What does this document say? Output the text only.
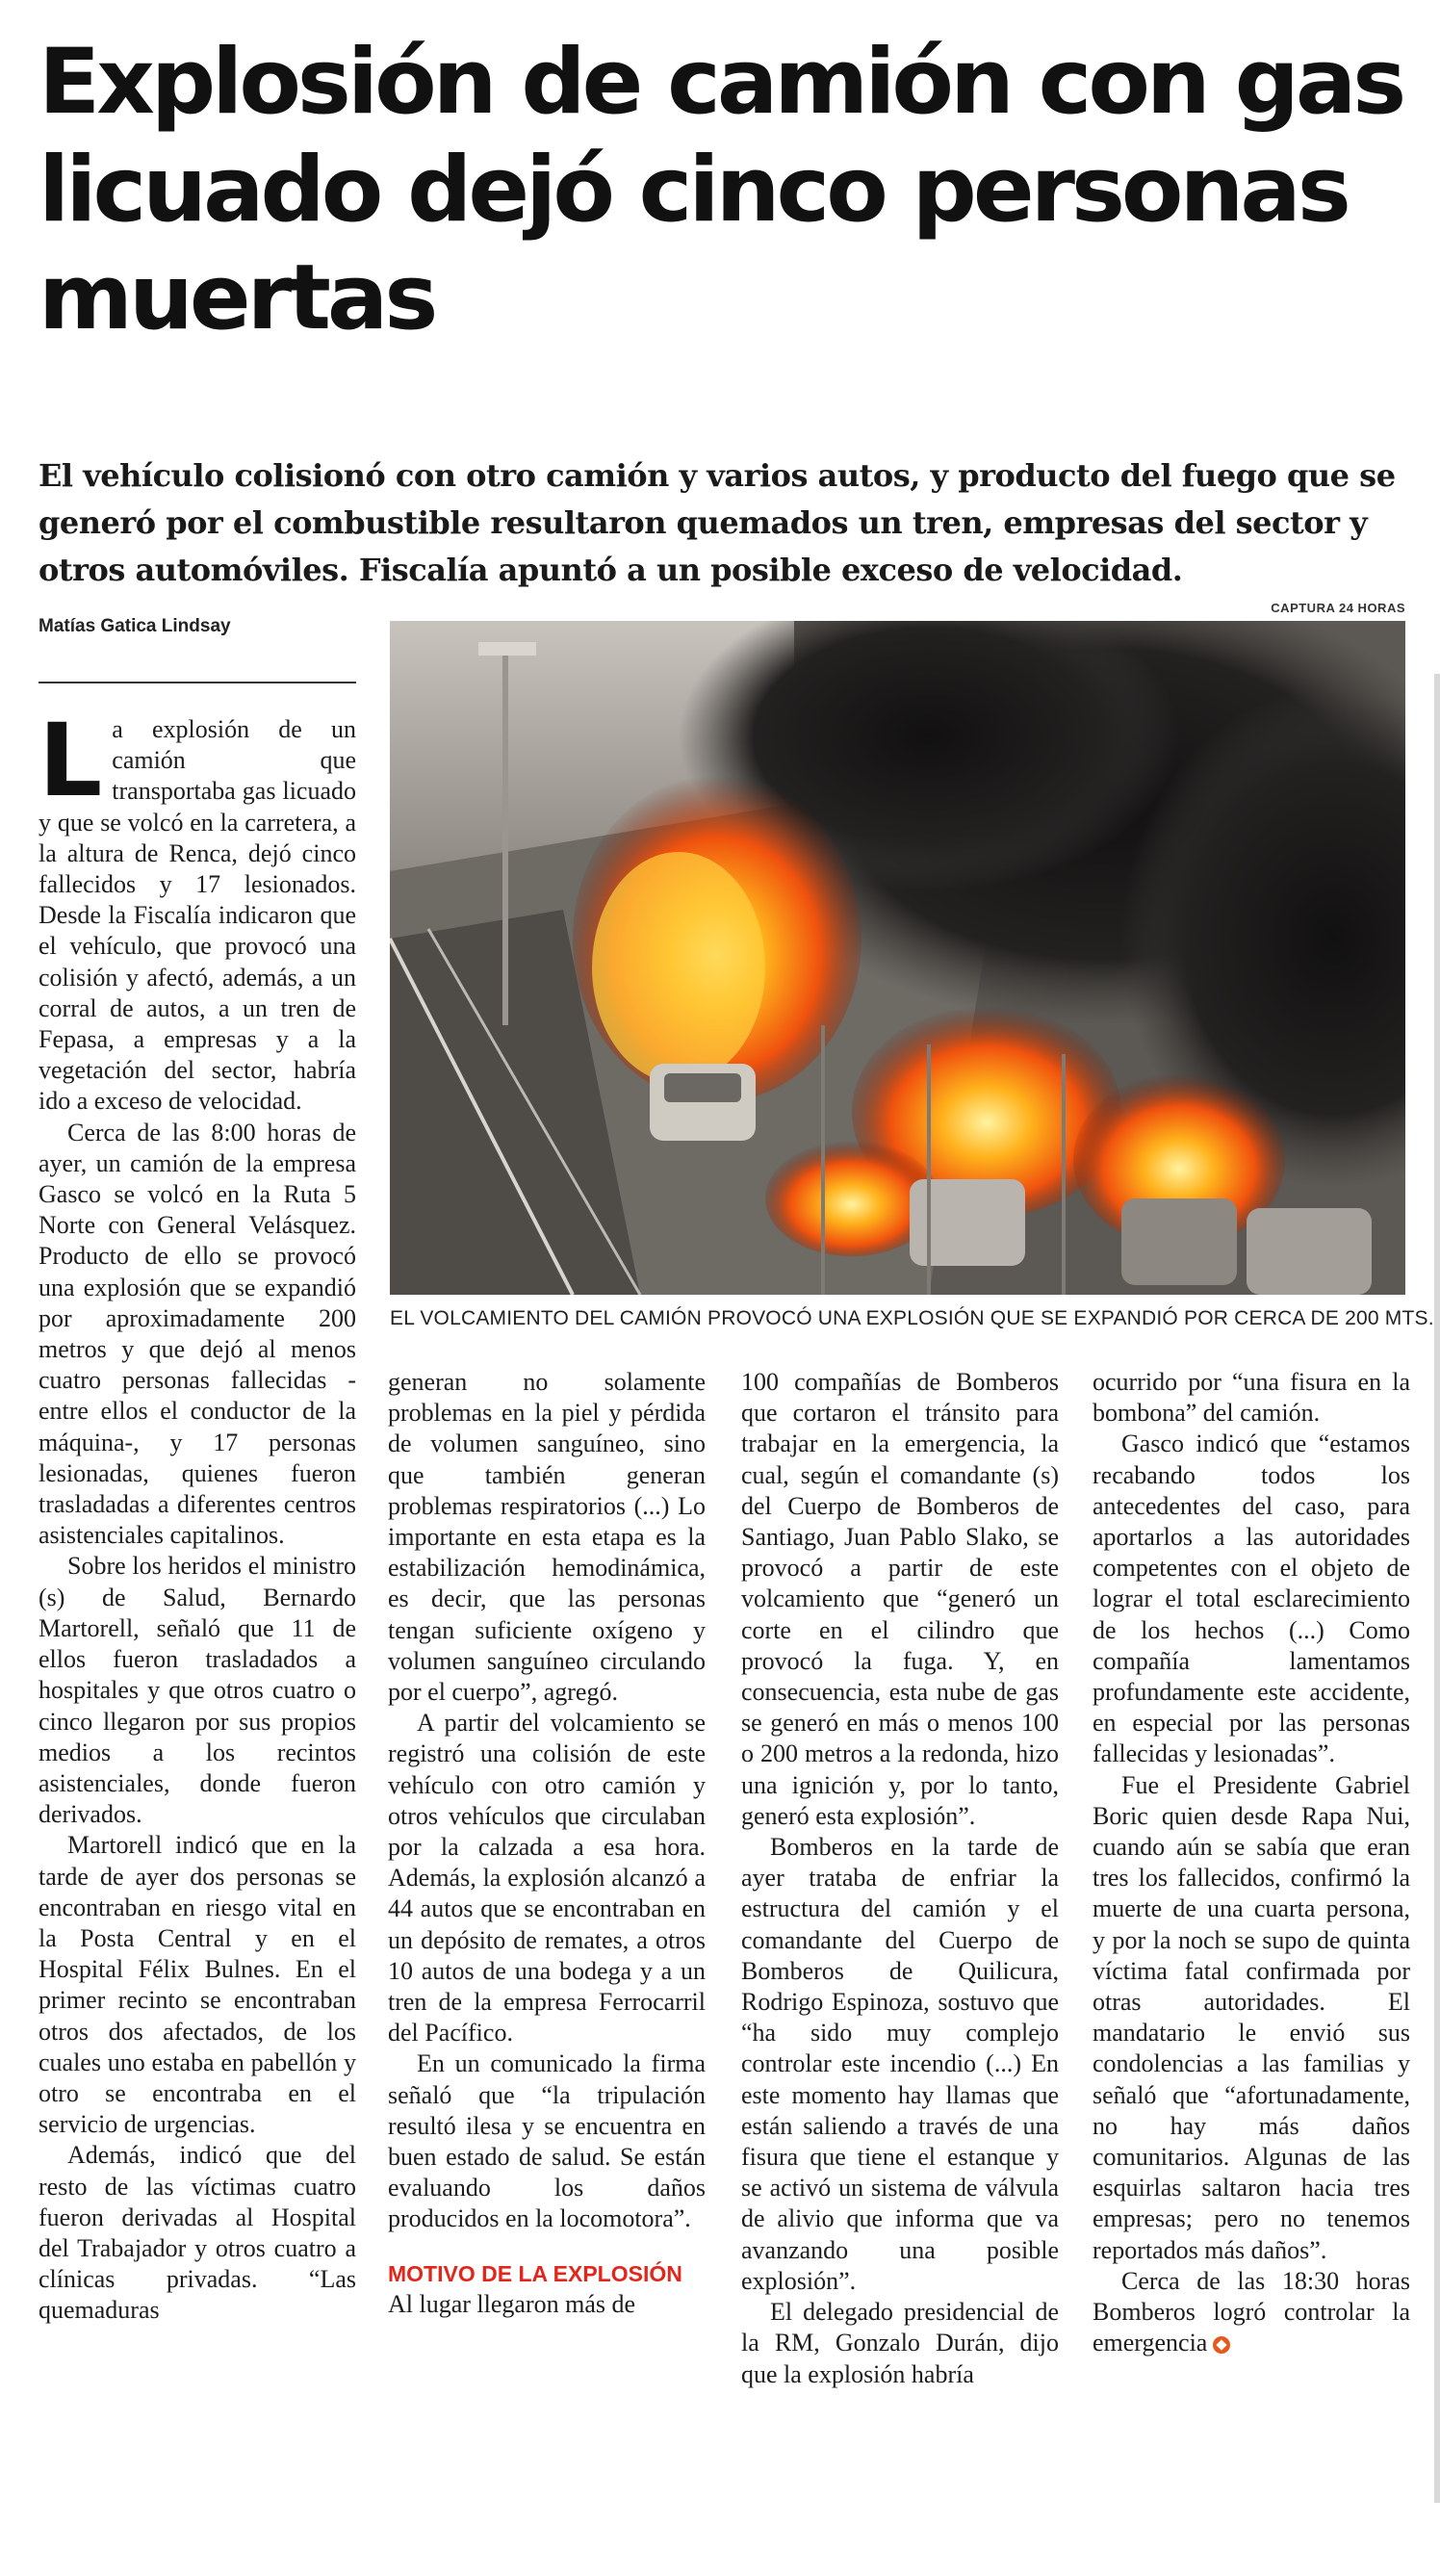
Explosión de camión con gas licuado dejó cinco personas muertas

El vehículo colisionó con otro camión y varios autos, y producto del fuego que se generó por el combustible resultaron quemados un tren, empresas del sector y otros automóviles. Fiscalía apuntó a un posible exceso de velocidad.

Matías Gatica Lindsay
CAPTURA 24 HORAS
EL VOLCAMIENTO DEL CAMIÓN PROVOCÓ UNA EXPLOSIÓN QUE SE EXPANDIÓ POR CERCA DE 200 MTS.

La explosión de un camión que transportaba gas licuado y que se volcó en la carretera, a la altura de Renca, dejó cinco fallecidos y 17 lesionados. Desde la Fiscalía indicaron que el vehículo, que provocó una colisión y afectó, además, a un corral de autos, a un tren de Fepasa, a empresas y a la vegetación del sector, habría ido a exceso de velocidad.

Cerca de las 8:00 horas de ayer, un camión de la empresa Gasco se volcó en la Ruta 5 Norte con General Velásquez. Producto de ello se provocó una explosión que se expandió por aproximadamente 200 metros y que dejó al menos cuatro personas fallecidas -entre ellos el conductor de la máquina-, y 17 personas lesionadas, quienes fueron trasladadas a diferentes centros asistenciales capitalinos.

Sobre los heridos el ministro (s) de Salud, Bernardo Martorell, señaló que 11 de ellos fueron trasladados a hospitales y que otros cuatro o cinco llegaron por sus propios medios a los recintos asistenciales, donde fueron derivados.

Martorell indicó que en la tarde de ayer dos personas se encontraban en riesgo vital en la Posta Central y en el Hospital Félix Bulnes. En el primer recinto se encontraban otros dos afectados, de los cuales uno estaba en pabellón y otro se encontraba en el servicio de urgencias.

Además, indicó que del resto de las víctimas cuatro fueron derivadas al Hospital del Trabajador y otros cuatro a clínicas privadas. “Las quemaduras

generan no solamente problemas en la piel y pérdida de volumen sanguíneo, sino que también generan problemas respiratorios (...) Lo importante en esta etapa es la estabilización hemodinámica, es decir, que las personas tengan suficiente oxígeno y volumen sanguíneo circulando por el cuerpo”, agregó.

A partir del volcamiento se registró una colisión de este vehículo con otro camión y otros vehículos que circulaban por la calzada a esa hora. Además, la explosión alcanzó a 44 autos que se encontraban en un depósito de remates, a otros 10 autos de una bodega y a un tren de la empresa Ferrocarril del Pacífico.

En un comunicado la firma señaló que “la tripulación resultó ilesa y se encuentra en buen estado de salud. Se están evaluando los daños producidos en la locomotora”.

MOTIVO DE LA EXPLOSIÓN

Al lugar llegaron más de

100 compañías de Bomberos que cortaron el tránsito para trabajar en la emergencia, la cual, según el comandante (s) del Cuerpo de Bomberos de Santiago, Juan Pablo Slako, se provocó a partir de este volcamiento que “generó un corte en el cilindro que provocó la fuga. Y, en consecuencia, esta nube de gas se generó en más o menos 100 o 200 metros a la redonda, hizo una ignición y, por lo tanto, generó esta explosión”.

Bomberos en la tarde de ayer trataba de enfriar la estructura del camión y el comandante del Cuerpo de Bomberos de Quilicura, Rodrigo Espinoza, sostuvo que “ha sido muy complejo controlar este incendio (...) En este momento hay llamas que están saliendo a través de una fisura que tiene el estanque y se activó un sistema de válvula de alivio que informa que va avanzando una posible explosión”.

El delegado presidencial de la RM, Gonzalo Durán, dijo que la explosión habría

ocurrido por “una fisura en la bombona” del camión.

Gasco indicó que “estamos recabando todos los antecedentes del caso, para aportarlos a las autoridades competentes con el objeto de lograr el total esclarecimiento de los hechos (...) Como compañía lamentamos profundamente este accidente, en especial por las personas fallecidas y lesionadas”.

Fue el Presidente Gabriel Boric quien desde Rapa Nui, cuando aún se sabía que eran tres los fallecidos, confirmó la muerte de una cuarta persona, y por la noch se supo de quinta víctima fatal confirmada por otras autoridades. El mandatario le envió sus condolencias a las familias y señaló que “afortunadamente, no hay más daños comunitarios. Algunas de las esquirlas saltaron hacia tres empresas; pero no tenemos reportados más daños”.

Cerca de las 18:30 horas Bomberos logró controlar la emergencia
